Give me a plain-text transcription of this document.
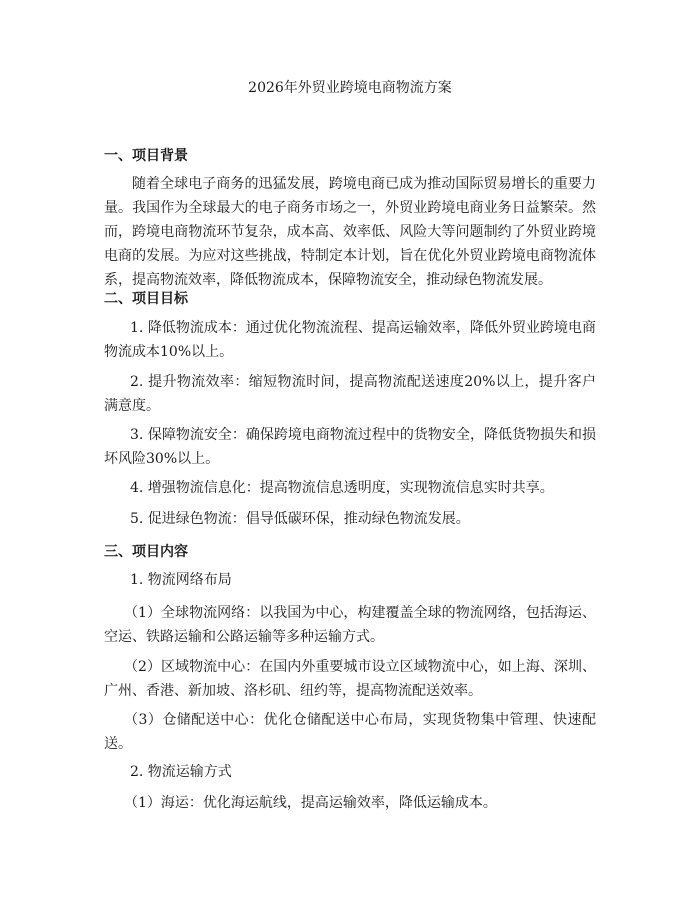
2026年外贸业跨境电商物流方案
一、项目背景
随着全球电子商务的迅猛发展，跨境电商已成为推动国际贸易增长的重要力量。我国作为全球最大的电子商务市场之一，外贸业跨境电商业务日益繁荣。然而，跨境电商物流环节复杂，成本高、效率低、风险大等问题制约了外贸业跨境电商的发展。为应对这些挑战，特制定本计划，旨在优化外贸业跨境电商物流体系，提高物流效率，降低物流成本，保障物流安全，推动绿色物流发展。
二、项目目标
1. 降低物流成本：通过优化物流流程、提高运输效率，降低外贸业跨境电商物流成本10%以上。
2. 提升物流效率：缩短物流时间，提高物流配送速度20%以上，提升客户满意度。
3. 保障物流安全：确保跨境电商物流过程中的货物安全，降低货物损失和损坏风险30%以上。
4. 增强物流信息化：提高物流信息透明度，实现物流信息实时共享。
5. 促进绿色物流：倡导低碳环保，推动绿色物流发展。
三、项目内容
1. 物流网络布局
（1）全球物流网络：以我国为中心，构建覆盖全球的物流网络，包括海运、空运、铁路运输和公路运输等多种运输方式。
（2）区域物流中心：在国内外重要城市设立区域物流中心，如上海、深圳、广州、香港、新加坡、洛杉矶、纽约等，提高物流配送效率。
（3）仓储配送中心：优化仓储配送中心布局，实现货物集中管理、快速配送。
2. 物流运输方式
（1）海运：优化海运航线，提高运输效率，降低运输成本。
